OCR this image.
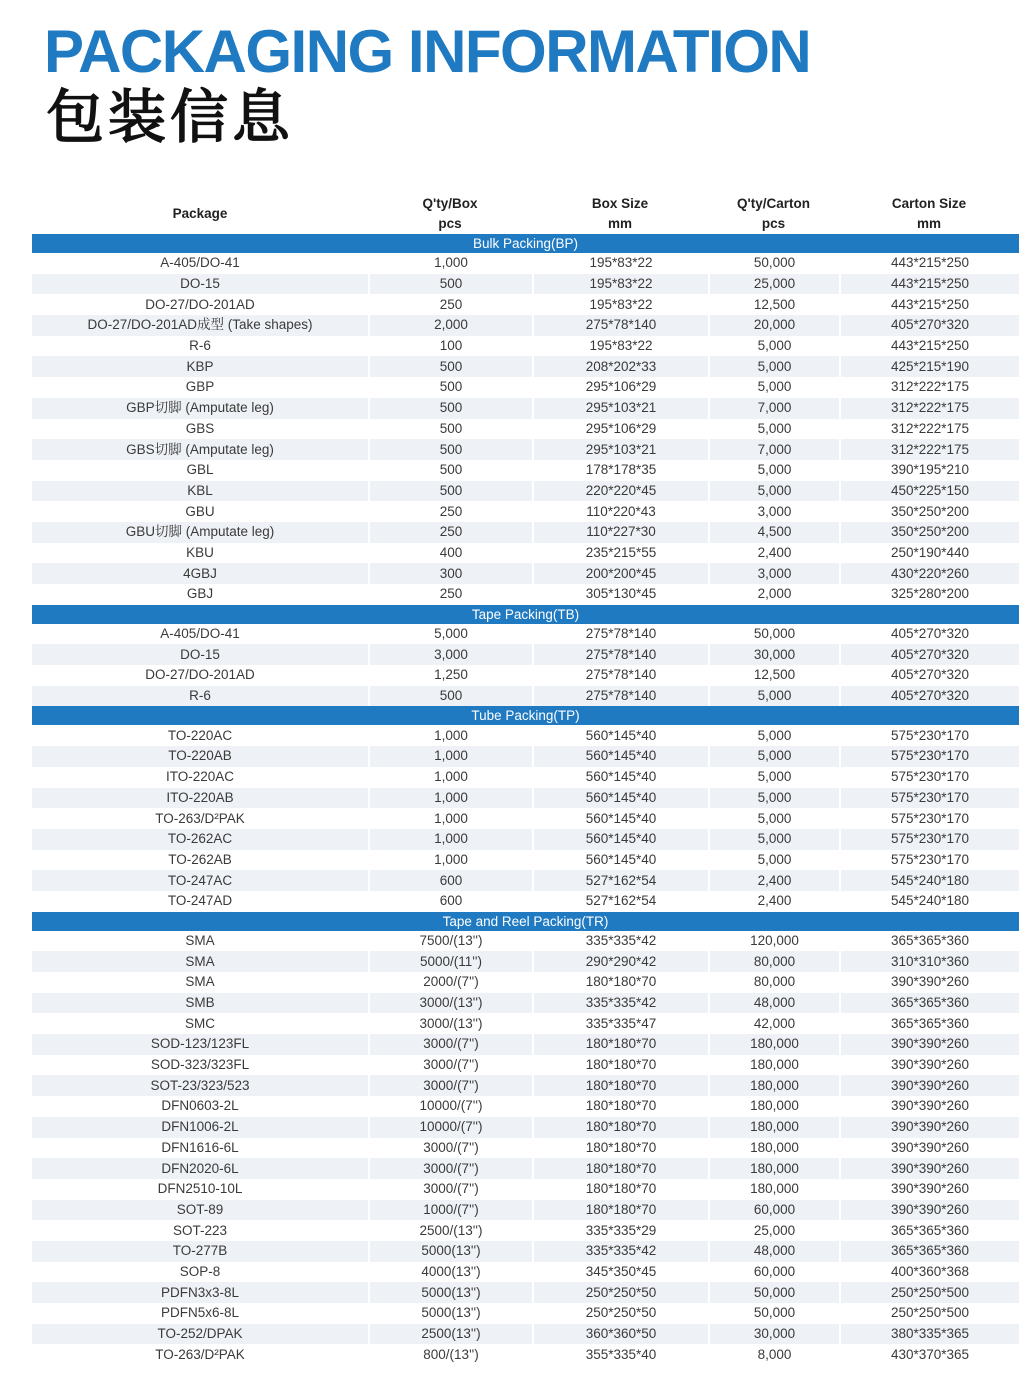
PACKAGING INFORMATION
包装信息
Package	Q'ty/Box	Box Size	Q'ty/Carton	Carton Size
	pcs	mm	pcs	mm
Bulk Packing(BP)				
A-405/DO-41	1,000	195*83*22	50,000	443*215*250
DO-15	500	195*83*22	25,000	443*215*250
DO-27/DO-201AD	250	195*83*22	12,500	443*215*250
DO-27/DO-201AD成型 (Take shapes)	2,000	275*78*140	20,000	405*270*320
R-6	100	195*83*22	5,000	443*215*250
KBP	500	208*202*33	5,000	425*215*190
GBP	500	295*106*29	5,000	312*222*175
GBP切脚 (Amputate leg)	500	295*103*21	7,000	312*222*175
GBS	500	295*106*29	5,000	312*222*175
GBS切脚 (Amputate leg)	500	295*103*21	7,000	312*222*175
GBL	500	178*178*35	5,000	390*195*210
KBL	500	220*220*45	5,000	450*225*150
GBU	250	110*220*43	3,000	350*250*200
GBU切脚 (Amputate leg)	250	110*227*30	4,500	350*250*200
KBU	400	235*215*55	2,400	250*190*440
4GBJ	300	200*200*45	3,000	430*220*260
GBJ	250	305*130*45	2,000	325*280*200
Tape Packing(TB)				
A-405/DO-41	5,000	275*78*140	50,000	405*270*320
DO-15	3,000	275*78*140	30,000	405*270*320
DO-27/DO-201AD	1,250	275*78*140	12,500	405*270*320
R-6	500	275*78*140	5,000	405*270*320
Tube Packing(TP)				
TO-220AC	1,000	560*145*40	5,000	575*230*170
TO-220AB	1,000	560*145*40	5,000	575*230*170
ITO-220AC	1,000	560*145*40	5,000	575*230*170
ITO-220AB	1,000	560*145*40	5,000	575*230*170
TO-263/D²PAK	1,000	560*145*40	5,000	575*230*170
TO-262AC	1,000	560*145*40	5,000	575*230*170
TO-262AB	1,000	560*145*40	5,000	575*230*170
TO-247AC	600	527*162*54	2,400	545*240*180
TO-247AD	600	527*162*54	2,400	545*240*180
Tape and Reel Packing(TR)				
SMA	7500/(13'')	335*335*42	120,000	365*365*360
SMA	5000/(11'')	290*290*42	80,000	310*310*360
SMA	2000/(7'')	180*180*70	80,000	390*390*260
SMB	3000/(13'')	335*335*42	48,000	365*365*360
SMC	3000/(13'')	335*335*47	42,000	365*365*360
SOD-123/123FL	3000/(7'')	180*180*70	180,000	390*390*260
SOD-323/323FL	3000/(7'')	180*180*70	180,000	390*390*260
SOT-23/323/523	3000/(7'')	180*180*70	180,000	390*390*260
DFN0603-2L	10000/(7'')	180*180*70	180,000	390*390*260
DFN1006-2L	10000/(7'')	180*180*70	180,000	390*390*260
DFN1616-6L	3000/(7'')	180*180*70	180,000	390*390*260
DFN2020-6L	3000/(7'')	180*180*70	180,000	390*390*260
DFN2510-10L	3000/(7'')	180*180*70	180,000	390*390*260
SOT-89	1000/(7'')	180*180*70	60,000	390*390*260
SOT-223	2500/(13'')	335*335*29	25,000	365*365*360
TO-277B	5000(13'')	335*335*42	48,000	365*365*360
SOP-8	4000(13'')	345*350*45	60,000	400*360*368
PDFN3x3-8L	5000(13'')	250*250*50	50,000	250*250*500
PDFN5x6-8L	5000(13'')	250*250*50	50,000	250*250*500
TO-252/DPAK	2500(13'')	360*360*50	30,000	380*335*365
TO-263/D²PAK	800/(13'')	355*335*40	8,000	430*370*365
